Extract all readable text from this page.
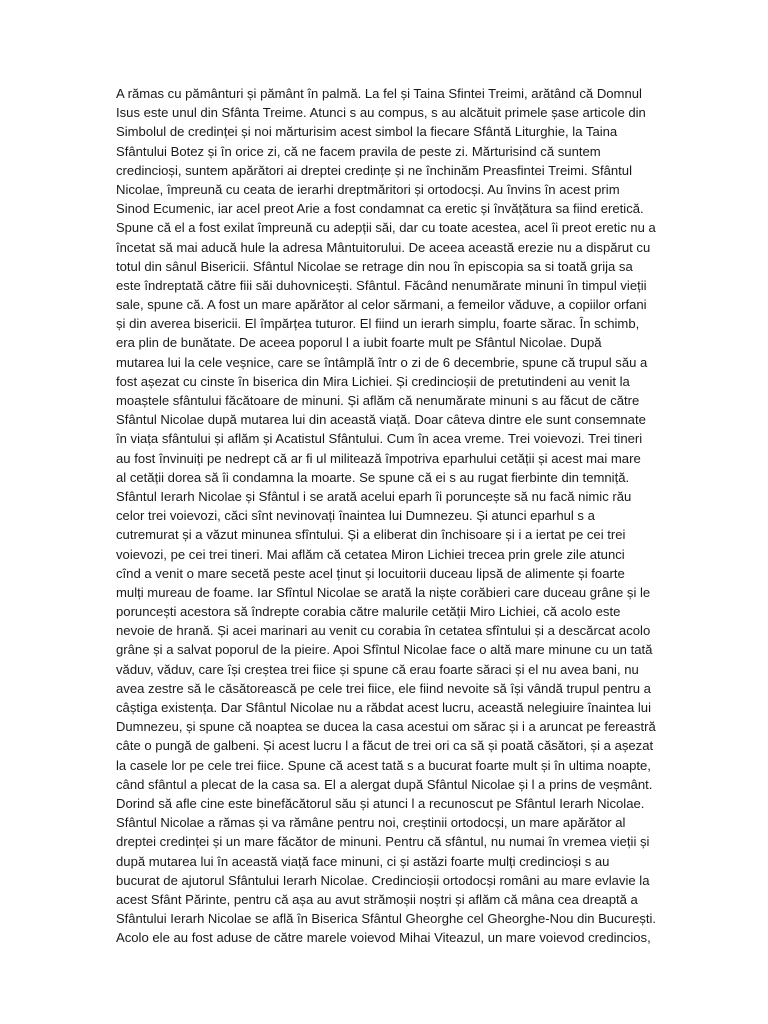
A rămas cu pământuri și pământ în palmă. La fel și Taina Sfintei Treimi, arătând că Domnul
Isus este unul din Sfânta Treime. Atunci s au compus, s au alcătuit primele șase articole din
Simbolul de credinței și noi mărturisim acest simbol la fiecare Sfântă Liturghie, la Taina
Sfântului Botez și în orice zi, că ne facem pravila de peste zi. Mărturisind că suntem
credincioși, suntem apărători ai dreptei credințe și ne închinăm Preasfintei Treimi. Sfântul
Nicolae, împreună cu ceata de ierarhi dreptmăritori și ortodocși. Au învins în acest prim
Sinod Ecumenic, iar acel preot Arie a fost condamnat ca eretic și învățătura sa fiind eretică.
Spune că el a fost exilat împreună cu adepții săi, dar cu toate acestea, acel îi preot eretic nu a
încetat să mai aducă hule la adresa Mântuitorului. De aceea această erezie nu a dispărut cu
totul din sânul Bisericii. Sfântul Nicolae se retrage din nou în episcopia sa si toată grija sa
este îndreptată către fiii săi duhovnicești. Sfântul. Făcând nenumărate minuni în timpul vieții
sale, spune că. A fost un mare apărător al celor sărmani, a femeilor văduve, a copiilor orfani
și din averea bisericii. El împărțea tuturor. El fiind un ierarh simplu, foarte sărac. În schimb,
era plin de bunătate. De aceea poporul l a iubit foarte mult pe Sfântul Nicolae. După
mutarea lui la cele veșnice, care se întâmplă într o zi de 6 decembrie, spune că trupul său a
fost așezat cu cinste în biserica din Mira Lichiei. Și credincioșii de pretutindeni au venit la
moaștele sfântului făcătoare de minuni. Și aflăm că nenumărate minuni s au făcut de către
Sfântul Nicolae după mutarea lui din această viață. Doar câteva dintre ele sunt consemnate
în viața sfântului și aflăm și Acatistul Sfântului. Cum în acea vreme. Trei voievozi. Trei tineri
au fost învinuiți pe nedrept că ar fi ul militează împotriva eparhului cetății și acest mai mare
al cetății dorea să îi condamna la moarte. Se spune că ei s au rugat fierbinte din temniță.
Sfântul Ierarh Nicolae și Sfântul i se arată acelui eparh îi poruncește să nu facă nimic rău
celor trei voievozi, căci sînt nevinovați înaintea lui Dumnezeu. Și atunci eparhul s a
cutremurat și a văzut minunea sfîntului. Și a eliberat din închisoare și i a iertat pe cei trei
voievozi, pe cei trei tineri. Mai aflăm că cetatea Miron Lichiei trecea prin grele zile atunci
cînd a venit o mare secetă peste acel ținut și locuitorii duceau lipsă de alimente și foarte
mulți mureau de foame. Iar Sfîntul Nicolae se arată la niște corăbieri care duceau grâne și le
poruncești acestora să îndrepte corabia către malurile cetății Miro Lichiei, că acolo este
nevoie de hrană. Și acei marinari au venit cu corabia în cetatea sfîntului și a descărcat acolo
grâne și a salvat poporul de la pieire. Apoi Sfîntul Nicolae face o altă mare minune cu un tată
văduv, văduv, care își creștea trei fiice și spune că erau foarte săraci și el nu avea bani, nu
avea zestre să le căsătorească pe cele trei fiice, ele fiind nevoite să își vândă trupul pentru a
câștiga existența. Dar Sfântul Nicolae nu a răbdat acest lucru, această nelegiuire înaintea lui
Dumnezeu, și spune că noaptea se ducea la casa acestui om sărac și i a aruncat pe fereastră
câte o pungă de galbeni. Și acest lucru l a făcut de trei ori ca să și poată căsători, și a așezat
la casele lor pe cele trei fiice. Spune că acest tată s a bucurat foarte mult și în ultima noapte,
când sfântul a plecat de la casa sa. El a alergat după Sfântul Nicolae și l a prins de veșmânt.
Dorind să afle cine este binefăcătorul său și atunci l a recunoscut pe Sfântul Ierarh Nicolae.
Sfântul Nicolae a rămas și va rămâne pentru noi, creștinii ortodocși, un mare apărător al
dreptei credinței și un mare făcător de minuni. Pentru că sfântul, nu numai în vremea vieții și
după mutarea lui în această viață face minuni, ci și astăzi foarte mulți credincioși s au
bucurat de ajutorul Sfântului Ierarh Nicolae. Credincioșii ortodocși români au mare evlavie la
acest Sfânt Părinte, pentru că așa au avut strămoșii noștri și aflăm că mâna cea dreaptă a
Sfântului Ierarh Nicolae se află în Biserica Sfântul Gheorghe cel Gheorghe-Nou din București.
Acolo ele au fost aduse de către marele voievod Mihai Viteazul, un mare voievod credincios,
